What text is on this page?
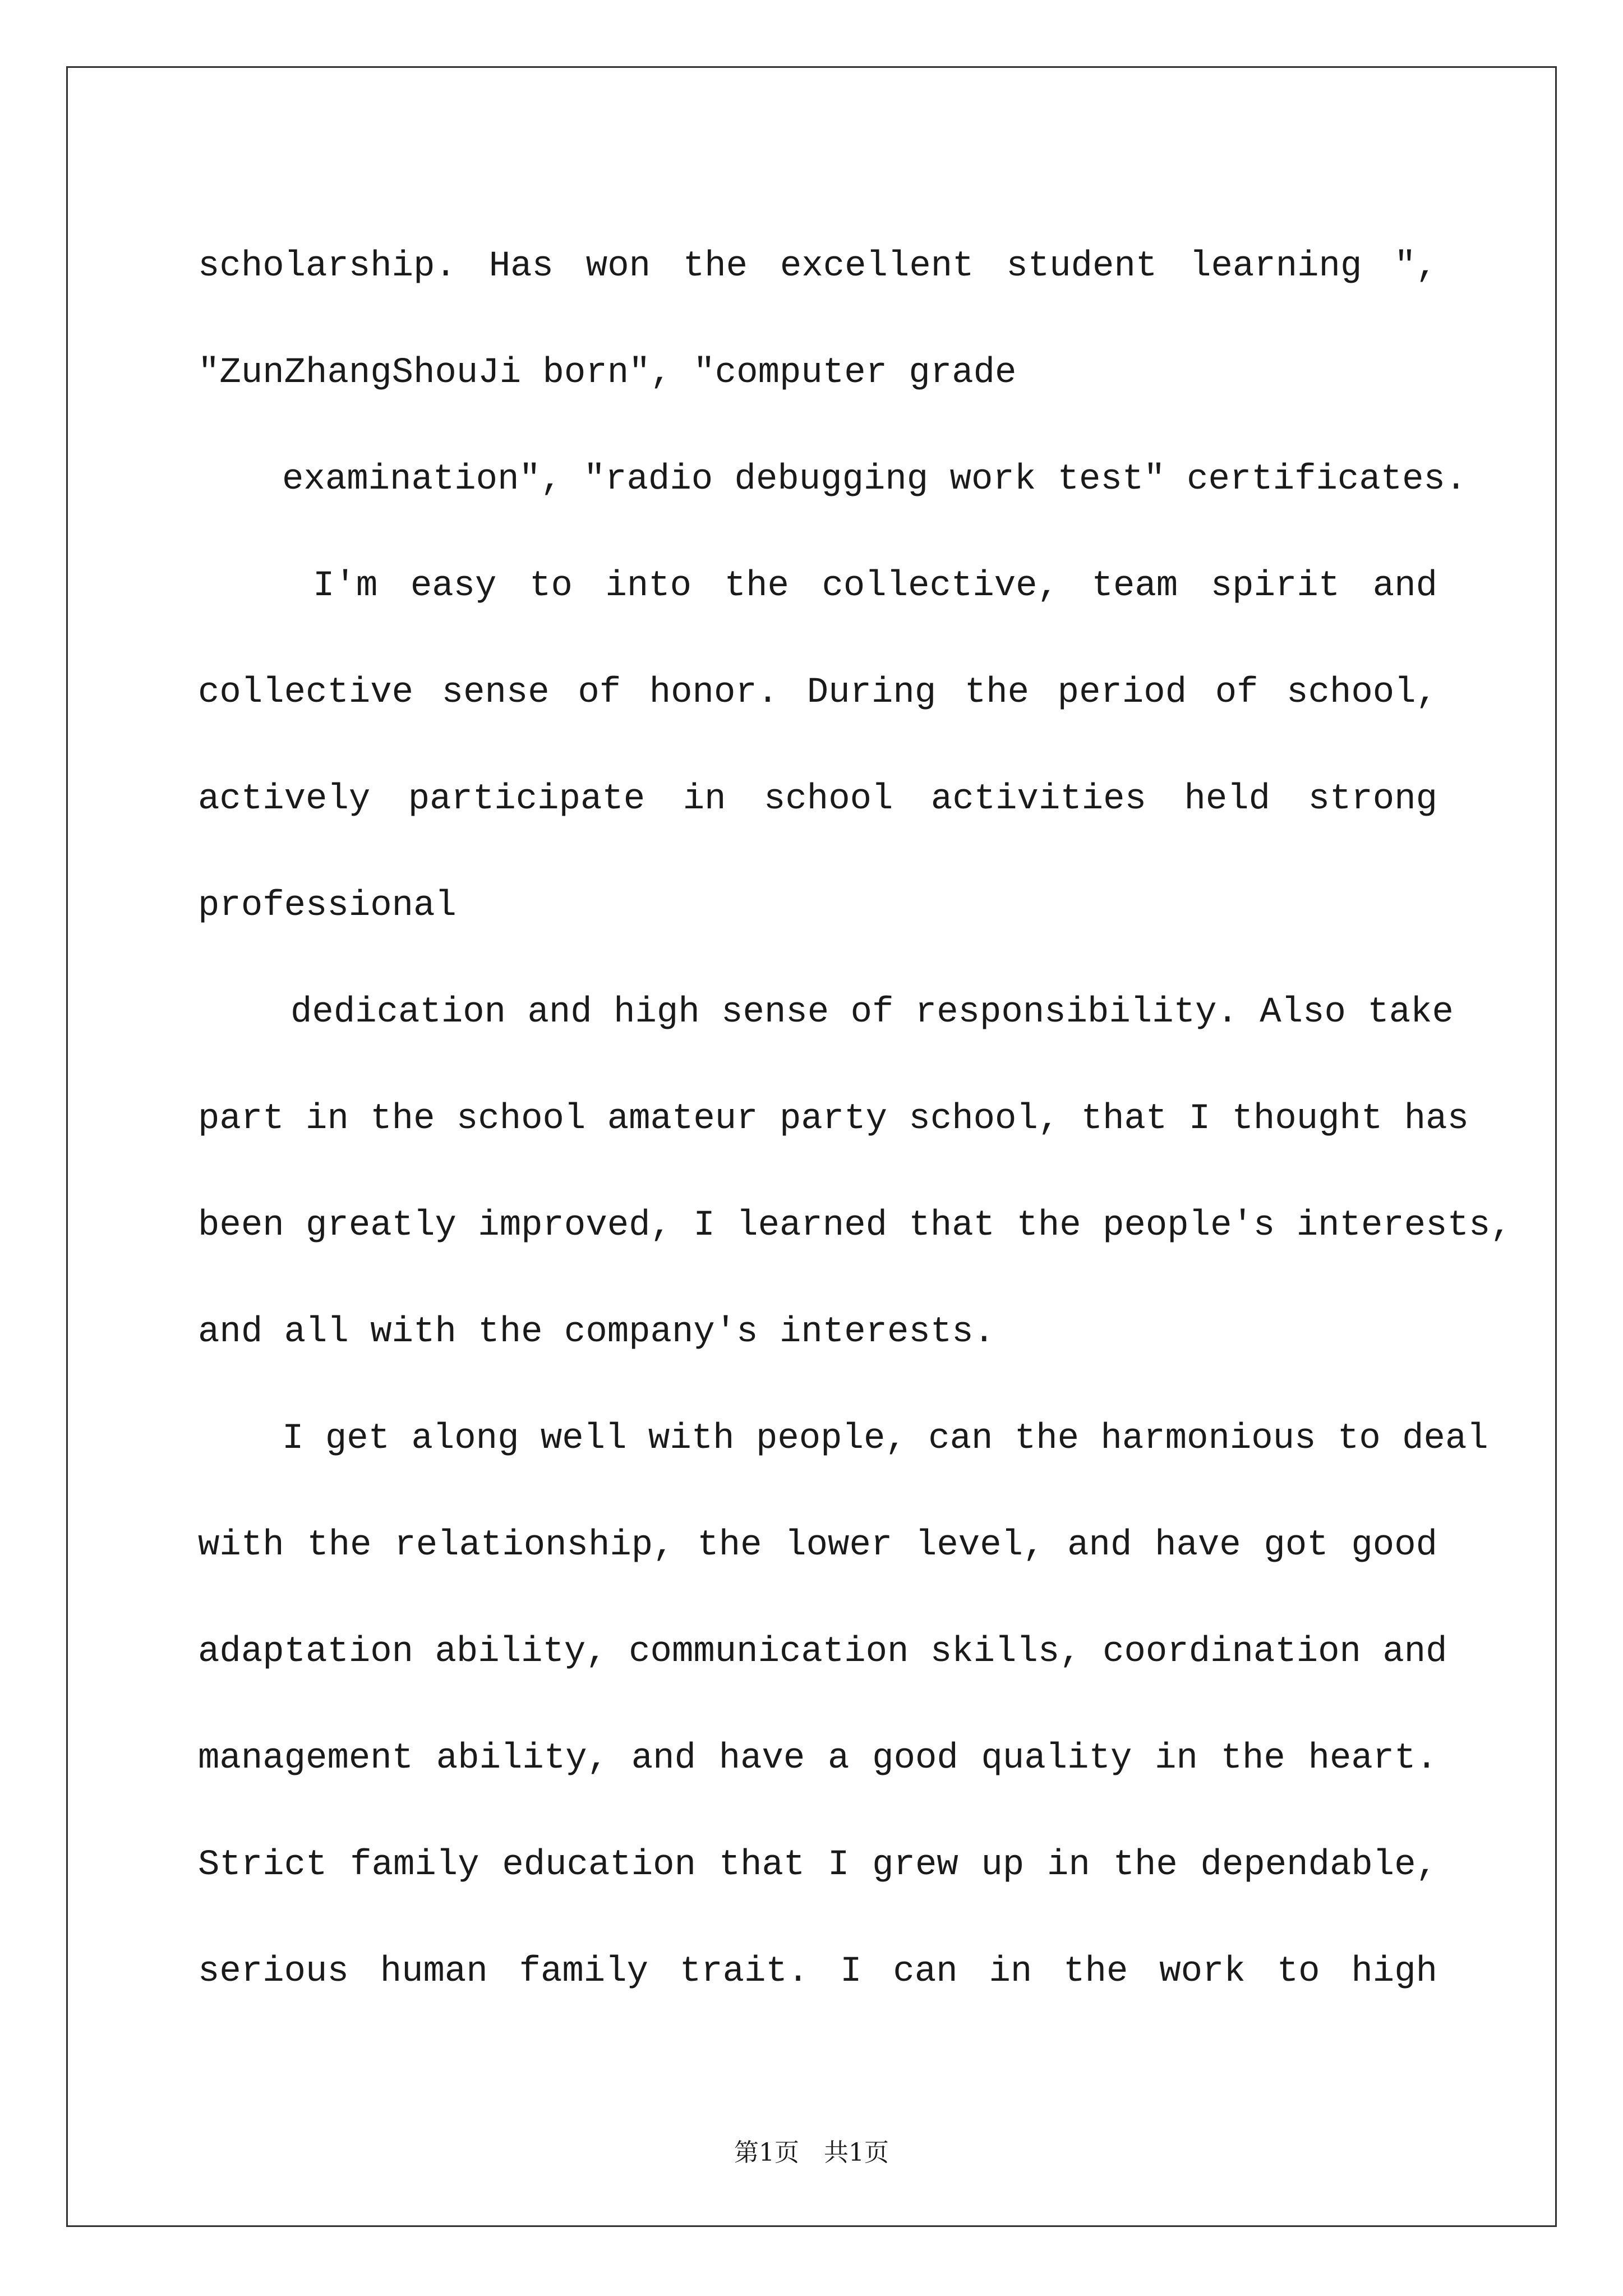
scholarship. Has won the excellent student learning ",
"ZunZhangShouJi born", "computer grade
examination", "radio debugging work test" certificates.
I'm easy to into the collective, team spirit and
collective sense of honor. During the period of school,
actively participate in school activities held strong
professional
dedication and high sense of responsibility. Also take
part in the school amateur party school, that I thought has
been greatly improved, I learned that the people's interests,
and all with the company's interests.
I get along well with people, can the harmonious to deal
with the relationship, the lower level, and have got good
adaptation ability, communication skills, coordination and
management ability, and have a good quality in the heart.
Strict family education that I grew up in the dependable,
serious human family trait. I can in the work to high
第1页　共1页
